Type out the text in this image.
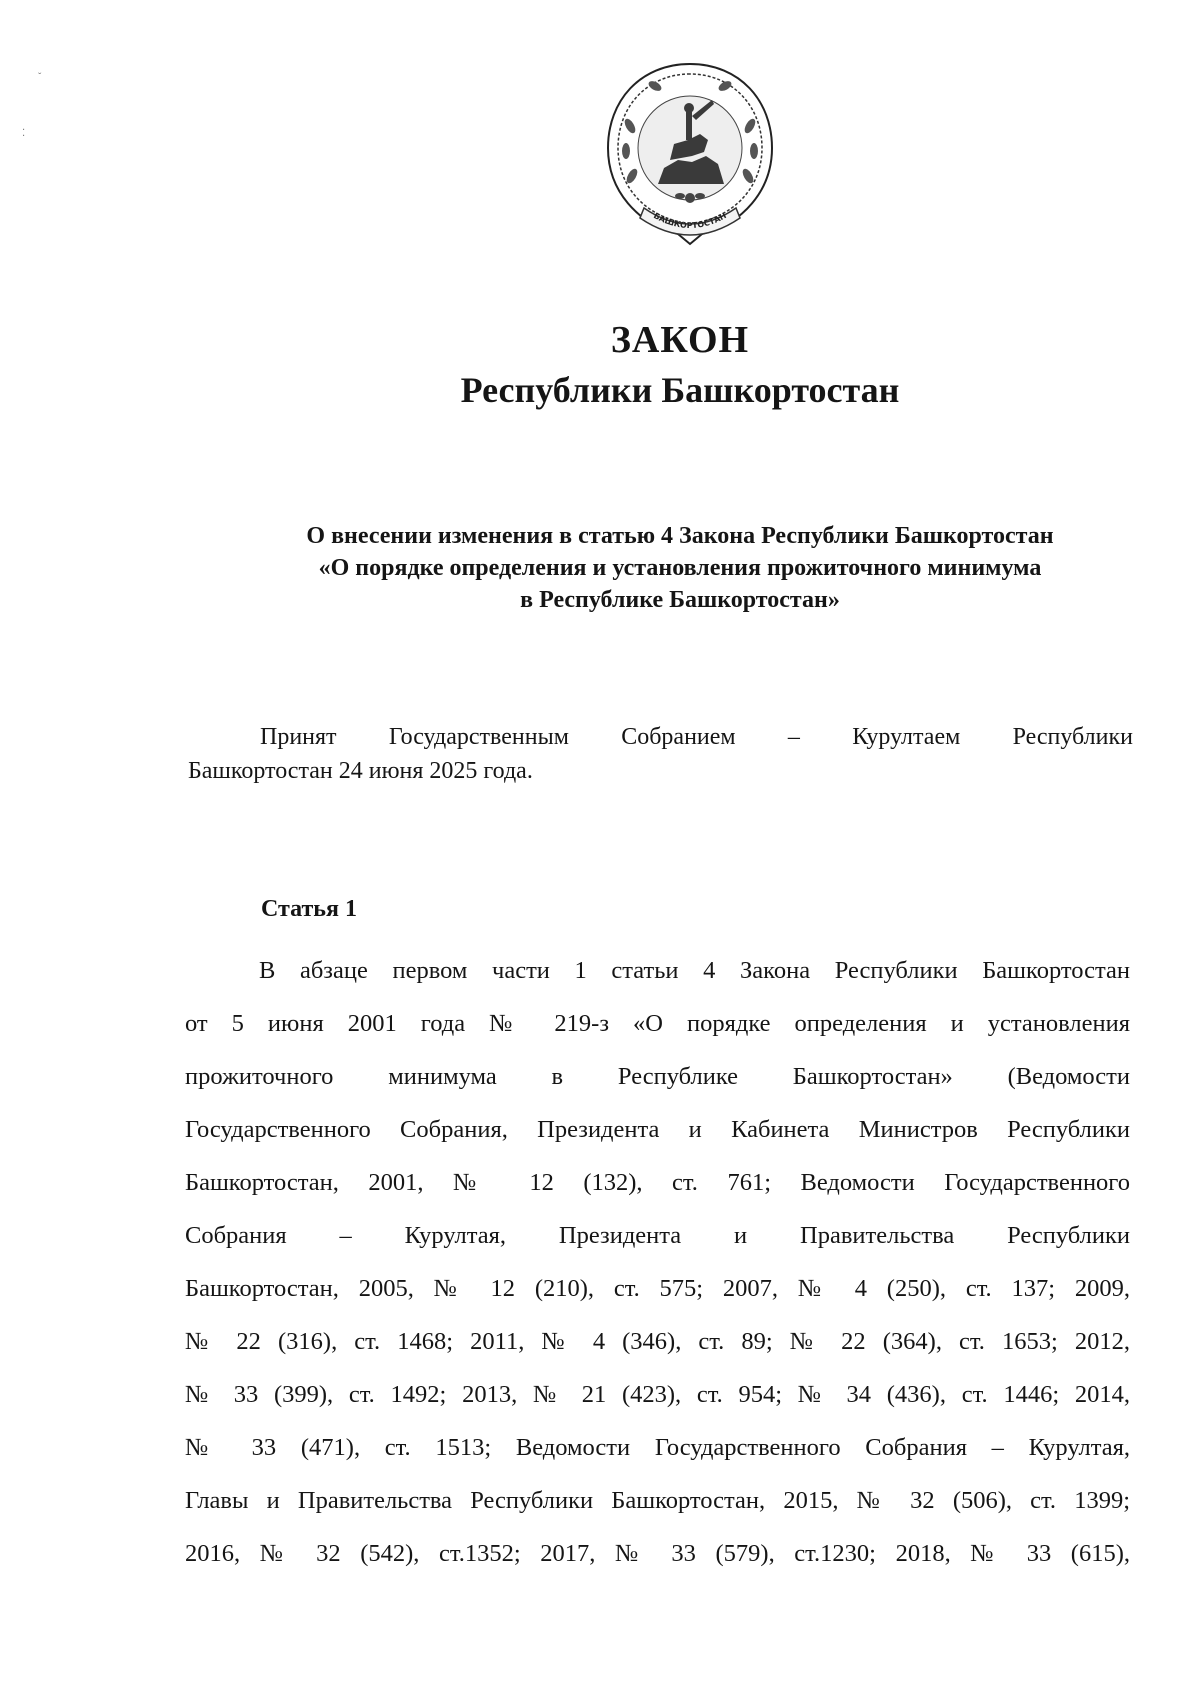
БАШКОРТОСТАН
ЗАКОН
Республики Башкортостан
О внесении изменения в статью 4 Закона Республики Башкортостан
«О порядке определения и установления прожиточного минимума
в Республике Башкортостан»
Принят Государственным Собранием – Курултаем Республики
Башкортостан 24 июня 2025 года.
Статья 1
В абзаце первом части 1 статьи 4 Закона Республики Башкортостан
от 5 июня 2001 года № 219-з «О порядке определения и установления
прожиточного минимума в Республике Башкортостан» (Ведомости
Государственного Собрания, Президента и Кабинета Министров Республики
Башкортостан, 2001, № 12 (132), ст. 761; Ведомости Государственного
Собрания – Курултая, Президента и Правительства Республики
Башкортостан, 2005, № 12 (210), ст. 575; 2007, № 4 (250), ст. 137; 2009,
№ 22 (316), ст. 1468; 2011, № 4 (346), ст. 89; № 22 (364), ст. 1653; 2012,
№ 33 (399), ст. 1492; 2013, № 21 (423), ст. 954; № 34 (436), ст. 1446; 2014,
№ 33 (471), ст. 1513; Ведомости Государственного Собрания – Курултая,
Главы и Правительства Республики Башкортостан, 2015, № 32 (506), ст. 1399;
2016, № 32 (542), ст.1352; 2017, № 33 (579), ст.1230; 2018, № 33 (615),
ˇ
⁚
